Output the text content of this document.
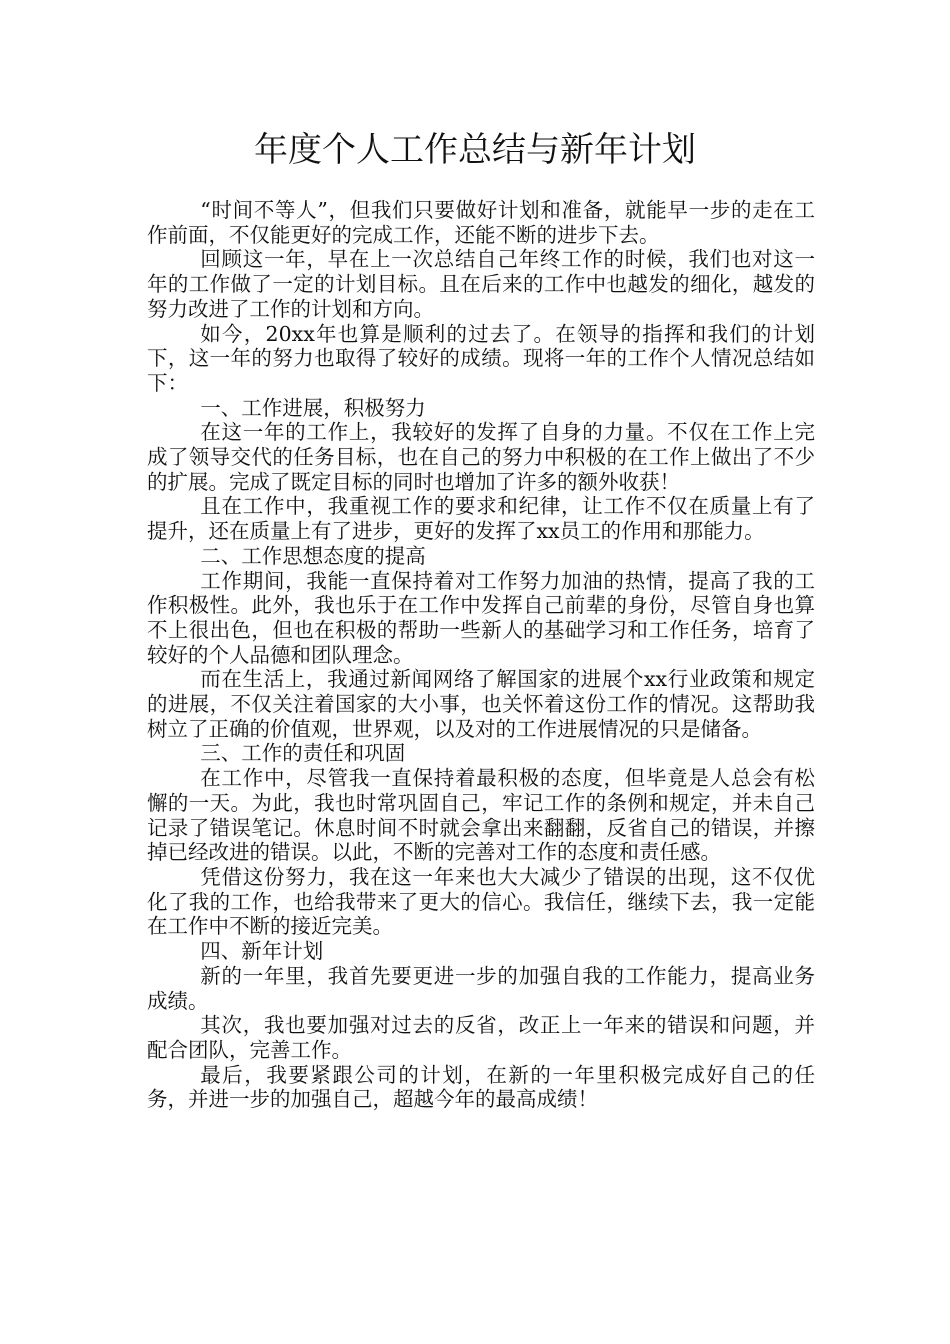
年度个人工作总结与新年计划

“时间不等人”，但我们只要做好计划和准备，就能早一步的走在工作前面，不仅能更好的完成工作，还能不断的进步下去。

回顾这一年，早在上一次总结自己年终工作的时候，我们也对这一年的工作做了一定的计划目标。且在后来的工作中也越发的细化，越发的努力改进了工作的计划和方向。

如今，20xx年也算是顺利的过去了。在领导的指挥和我们的计划下，这一年的努力也取得了较好的成绩。现将一年的工作个人情况总结如下：

一、工作进展，积极努力

在这一年的工作上，我较好的发挥了自身的力量。不仅在工作上完成了领导交代的任务目标，也在自己的努力中积极的在工作上做出了不少的扩展。完成了既定目标的同时也增加了许多的额外收获！

且在工作中，我重视工作的要求和纪律，让工作不仅在质量上有了提升，还在质量上有了进步，更好的发挥了xx员工的作用和那能力。

二、工作思想态度的提高

工作期间，我能一直保持着对工作努力加油的热情，提高了我的工作积极性。此外，我也乐于在工作中发挥自己前辈的身份，尽管自身也算不上很出色，但也在积极的帮助一些新人的基础学习和工作任务，培育了较好的个人品德和团队理念。

而在生活上，我通过新闻网络了解国家的进展个xx行业政策和规定的进展，不仅关注着国家的大小事，也关怀着这份工作的情况。这帮助我树立了正确的价值观，世界观，以及对的工作进展情况的只是储备。

三、工作的责任和巩固

在工作中，尽管我一直保持着最积极的态度，但毕竟是人总会有松懈的一天。为此，我也时常巩固自己，牢记工作的条例和规定，并未自己记录了错误笔记。休息时间不时就会拿出来翻翻，反省自己的错误，并擦掉已经改进的错误。以此，不断的完善对工作的态度和责任感。

凭借这份努力，我在这一年来也大大减少了错误的出现，这不仅优化了我的工作，也给我带来了更大的信心。我信任，继续下去，我一定能在工作中不断的接近完美。

四、新年计划

新的一年里，我首先要更进一步的加强自我的工作能力，提高业务成绩。

其次，我也要加强对过去的反省，改正上一年来的错误和问题，并配合团队，完善工作。

最后，我要紧跟公司的计划，在新的一年里积极完成好自己的任务，并进一步的加强自己，超越今年的最高成绩！
